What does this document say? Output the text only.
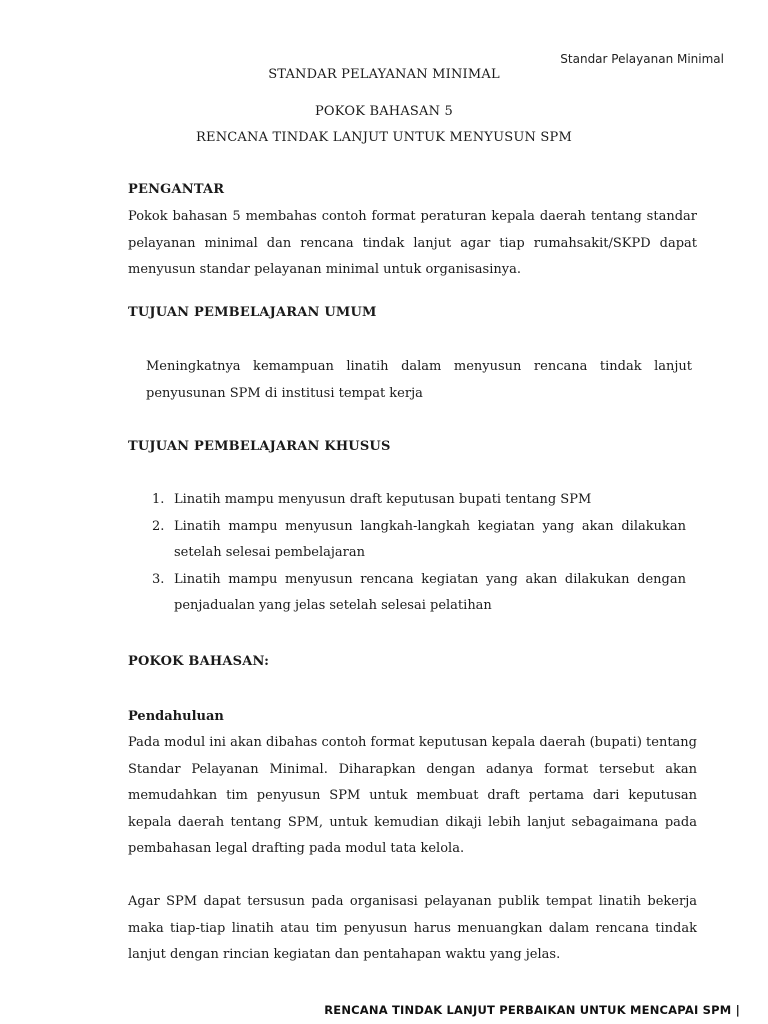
Standar Pelayanan Minimal
STANDAR PELAYANAN MINIMAL
POKOK BAHASAN 5
RENCANA TINDAK LANJUT UNTUK MENYUSUN SPM
PENGANTAR

Pokok bahasan 5 membahas contoh format peraturan kepala daerah tentang standar pelayanan minimal dan rencana tindak lanjut agar tiap rumahsakit/SKPD dapat menyusun standar pelayanan minimal untuk organisasinya.

TUJUAN PEMBELAJARAN UMUM

Meningkatnya kemampuan linatih dalam menyusun rencana tindak lanjut penyusunan SPM di institusi tempat kerja

TUJUAN PEMBELAJARAN KHUSUS
1. Linatih mampu menyusun draft keputusan bupati tentang SPM
2. Linatih mampu menyusun langkah-langkah kegiatan yang akan dilakukan setelah selesai pembelajaran
3. Linatih mampu menyusun rencana kegiatan yang akan dilakukan dengan penjadualan yang jelas setelah selesai pelatihan
POKOK BAHASAN:
Pendahuluan

Pada modul ini akan dibahas contoh format keputusan kepala daerah (bupati) tentang Standar Pelayanan Minimal. Diharapkan dengan adanya format tersebut akan memudahkan tim penyusun SPM untuk membuat draft pertama dari keputusan kepala daerah tentang SPM, untuk kemudian dikaji lebih lanjut sebagaimana pada pembahasan legal drafting pada modul tata kelola.

Agar SPM dapat tersusun pada organisasi pelayanan publik tempat linatih bekerja maka tiap-tiap linatih atau tim penyusun harus menuangkan dalam rencana tindak lanjut dengan rincian kegiatan dan pentahapan waktu yang jelas.

RENCANA TINDAK LANJUT PERBAIKAN UNTUK MENCAPAI SPM |
